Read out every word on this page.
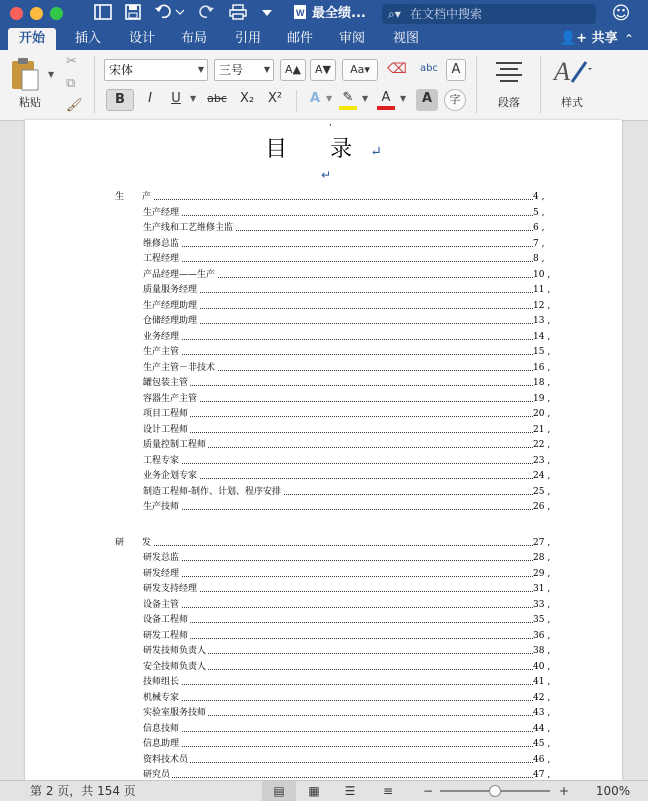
W 最全绩... ⌕▾ 在文档中搜索	☺
开始	插入	设计	布局	引用	邮件	审阅	视图	👤+ 共享 ⌃
粘贴
▼
✂
⧉
🖌
宋体	▼	三号	▼	A▲	A▼	Aa▾	⌫	abc	A
B	I	U	▼ abc	X₂	X²	A ▼ ✎	▼	A	▼	A	字	段落
A
样式
,
目 录↵
↵
生　　产	4 ,
生产经理	5 ,
生产线和工艺维修主监	6 ,
维修总监	7 ,
工程经理	8 ,
产品经理——生产	10 ,
质量服务经理	11 ,
生产经理助理	12 ,
仓储经理助理	13 ,
业务经理	14 ,
生产主管	15 ,
生产主管－非技术	16 ,
罐包装主管	18 ,
容器生产主管	19 ,
项目工程师	20 ,
设计工程师	21 ,
质量控制工程师	22 ,
工程专家	23 ,
业务企划专家	24 ,
制造工程师-制作、计划、程序安排	25 ,
生产技师	26 ,
研　　发	27 ,
研发总监	28 ,
研发经理	29 ,
研发支持经理	31 ,
设备主管	33 ,
设备工程师	35 ,
研发工程师	36 ,
研发技师负责人	38 ,
安全技师负责人	40 ,
技师组长	41 ,
机械专家	42 ,
实验室服务技师	43 ,
信息技师	44 ,
信息助理	45 ,
资料技术员	46 ,
研究员	47 ,
第 2 页，共 154 页	▤	▦	☰	≡	−	+	100%
